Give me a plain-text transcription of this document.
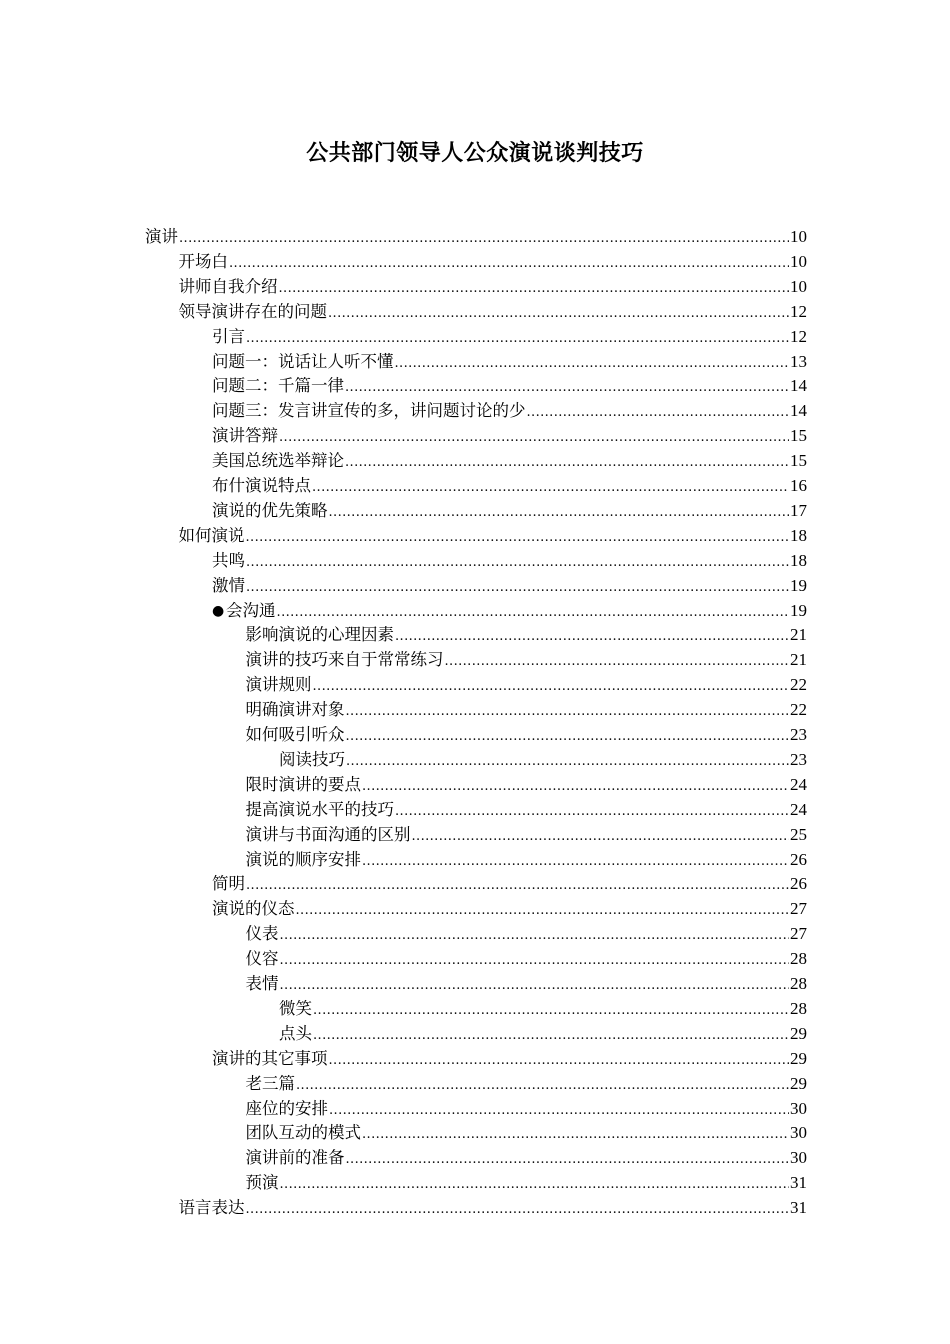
公共部门领导人公众演说谈判技巧
演讲 .....	10
开场白 .....	10
讲师自我介绍 .....	10
领导演讲存在的问题 .....	12
引言 .....	12
问题一：说话让人听不懂 .....	13
问题二：千篇一律 .....	14
问题三：发言讲宣传的多，讲问题讨论的少 .....	14
演讲答辩 .....	15
美国总统选举辩论 .....	15
布什演说特点 .....	16
演说的优先策略 .....	17
如何演说 .....	18
共鸣 .....	18
激情 .....	19
● 会沟通 .....	19
影响演说的心理因素 .....	21
演讲的技巧来自于常常练习 .....	21
演讲规则 .....	22
明确演讲对象 .....	22
如何吸引听众 .....	23
阅读技巧 .....	23
限时演讲的要点 .....	24
提高演说水平的技巧 .....	24
演讲与书面沟通的区别 .....	25
演说的顺序安排 .....	26
简明 .....	26
演说的仪态 .....	27
仪表 .....	27
仪容 .....	28
表情 .....	28
微笑 .....	28
点头 .....	29
演讲的其它事项 .....	29
老三篇 .....	29
座位的安排 .....	30
团队互动的模式 .....	30
演讲前的准备 .....	30
预演 .....	31
语言表达 .....	31
